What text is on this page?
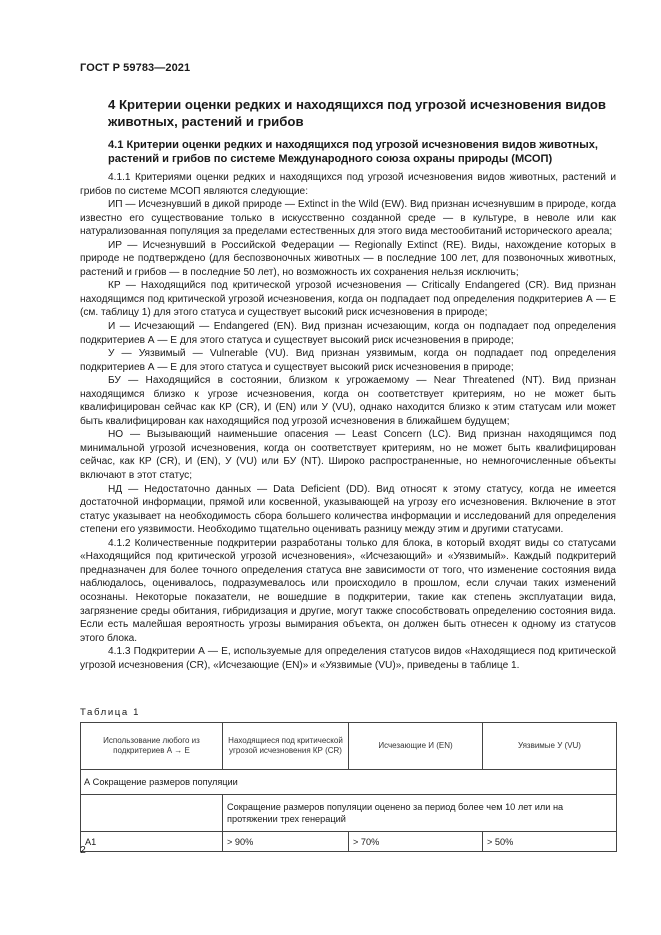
ГОСТ Р 59783—2021
4 Критерии оценки редких и находящихся под угрозой исчезновения видов животных, растений и грибов
4.1 Критерии оценки редких и находящихся под угрозой исчезновения видов животных, растений и грибов по системе Международного союза охраны природы (МСОП)

4.1.1 Критериями оценки редких и находящихся под угрозой исчезновения видов животных, растений и грибов по системе МСОП являются следующие:

ИП — Исчезнувший в дикой природе — Extinct in the Wild (EW). Вид признан исчезнувшим в природе, когда известно его существование только в искусственно созданной среде — в культуре, в неволе или как натурализованная популяция за пределами естественных для этого вида местообитаний исторического ареала;

ИР — Исчезнувший в Российской Федерации — Regionally Extinct (RE). Виды, нахождение которых в природе не подтверждено (для беспозвоночных животных — в последние 100 лет, для позвоночных животных, растений и грибов — в последние 50 лет), но возможность их сохранения нельзя исключить;

КР — Находящийся под критической угрозой исчезновения — Critically Endangered (CR). Вид признан находящимся под критической угрозой исчезновения, когда он подпадает под определения подкритериев А — Е (см. таблицу 1) для этого статуса и существует высокий риск исчезновения в природе;

И — Исчезающий — Endangered (EN). Вид признан исчезающим, когда он подпадает под определения подкритериев А — Е для этого статуса и существует высокий риск исчезновения в природе;

У — Уязвимый — Vulnerable (VU). Вид признан уязвимым, когда он подпадает под определения подкритериев А — Е для этого статуса и существует высокий риск исчезновения в природе;

БУ — Находящийся в состоянии, близком к угрожаемому — Near Threatened (NT). Вид признан находящимся близко к угрозе исчезновения, когда он соответствует критериям, но не может быть квалифицирован сейчас как КР (CR), И (EN) или У (VU), однако находится близко к этим статусам или может быть квалифицирован как находящийся под угрозой исчезновения в ближайшем будущем;

НО — Вызывающий наименьшие опасения — Least Concern (LC). Вид признан находящимся под минимальной угрозой исчезновения, когда он соответствует критериям, но не может быть квалифицирован сейчас, как КР (CR), И (EN), У (VU) или БУ (NT). Широко распространенные, но немногочисленные объекты включают в этот статус;

НД — Недостаточно данных — Data Deficient (DD). Вид относят к этому статусу, когда не имеется достаточной информации, прямой или косвенной, указывающей на угрозу его исчезновения. Включение в этот статус указывает на необходимость сбора большего количества информации и исследований для определения степени его уязвимости. Необходимо тщательно оценивать разницу между этим и другими статусами.

4.1.2 Количественные подкритерии разработаны только для блока, в который входят виды со статусами «Находящийся под критической угрозой исчезновения», «Исчезающий» и «Уязвимый». Каждый подкритерий предназначен для более точного определения статуса вне зависимости от того, что изменение состояния вида наблюдалось, оценивалось, подразумевалось или происходило в прошлом, если случаи таких изменений осознаны. Некоторые показатели, не вошедшие в подкритерии, такие как степень эксплуатации вида, загрязнение среды обитания, гибридизация и другие, могут также способствовать определению состояния вида. Если есть малейшая вероятность угрозы вымирания объекта, он должен быть отнесен к одному из статусов этого блока.

4.1.3 Подкритерии А — Е, используемые для определения статусов видов «Находящиеся под критической угрозой исчезновения (CR), «Исчезающие (EN)» и «Уязвимые (VU)», приведены в таблице 1.

Таблица 1
Использование любого из подкритериев А → Е	Находящиеся под критической угрозой исчезновения КР (CR)	Исчезающие И (EN)	Уязвимые У (VU)
А Сокращение размеров популяции			
	Сокращение размеров популяции оценено за период более чем 10 лет или на протяжении трех генераций		
А1	> 90%	> 70%	> 50%
2
